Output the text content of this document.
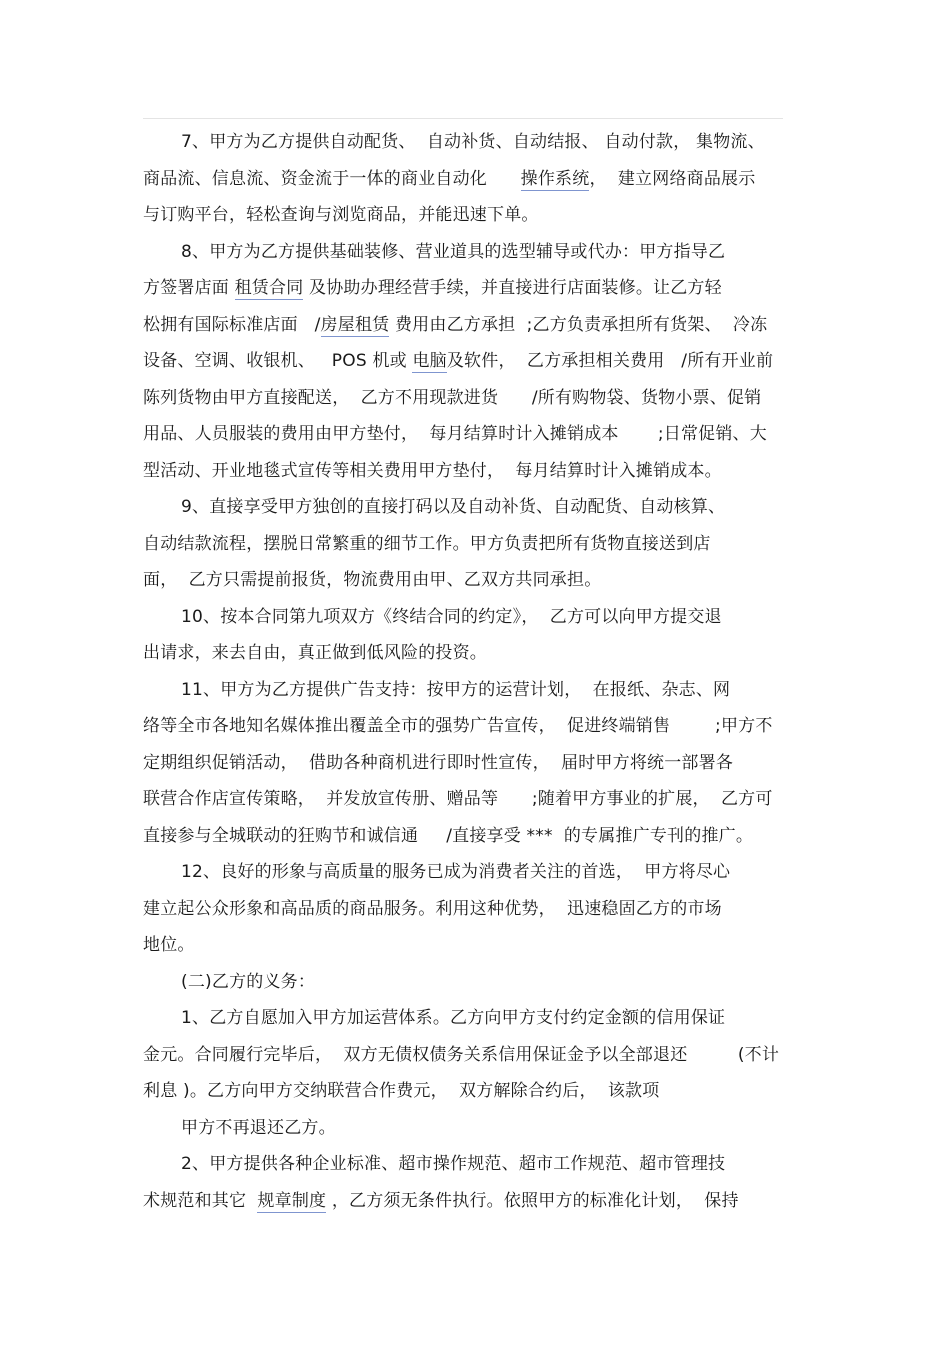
7、甲方为乙方提供自动配货、  自动补货、自动结报、 自动付款， 集物流、
商品流、信息流、资金流于一体的商业自动化      操作系统，  建立网络商品展示
与订购平台，轻松查询与浏览商品，并能迅速下单。
8、甲方为乙方提供基础装修、营业道具的选型辅导或代办：甲方指导乙
方签署店面 租赁合同 及协助办理经营手续，并直接进行店面装修。让乙方轻
松拥有国际标准店面   /房屋租赁 费用由乙方承担  ;乙方负责承担所有货架、  冷冻
设备、空调、收银机、   POS 机或 电脑及软件，  乙方承担相关费用   /所有开业前
陈列货物由甲方直接配送，  乙方不用现款进货      /所有购物袋、货物小票、促销
用品、人员服装的费用由甲方垫付，  每月结算时计入摊销成本       ;日常促销、大
型活动、开业地毯式宣传等相关费用甲方垫付，  每月结算时计入摊销成本。
9、直接享受甲方独创的直接打码以及自动补货、自动配货、自动核算、
自动结款流程，摆脱日常繁重的细节工作。甲方负责把所有货物直接送到店
面，  乙方只需提前报货，物流费用由甲、乙双方共同承担。
10、按本合同第九项双方《终结合同的约定》，  乙方可以向甲方提交退
出请求，来去自由，真正做到低风险的投资。
11、甲方为乙方提供广告支持：按甲方的运营计划，  在报纸、杂志、网
络等全市各地知名媒体推出覆盖全市的强势广告宣传，  促进终端销售        ;甲方不
定期组织促销活动，  借助各种商机进行即时性宣传，  届时甲方将统一部署各
联营合作店宣传策略，  并发放宣传册、赠品等      ;随着甲方事业的扩展，  乙方可
直接参与全城联动的狂购节和诚信通     /直接享受 ***  的专属推广专刊的推广。
12、良好的形象与高质量的服务已成为消费者关注的首选，  甲方将尽心
建立起公众形象和高品质的商品服务。利用这种优势，  迅速稳固乙方的市场
地位。
(二)乙方的义务：
1、乙方自愿加入甲方加运营体系。乙方向甲方支付约定金额的信用保证
金元。合同履行完毕后，  双方无债权债务关系信用保证金予以全部退还         (不计
利息 )。乙方向甲方交纳联营合作费元，  双方解除合约后，  该款项
甲方不再退还乙方。
2、甲方提供各种企业标准、超市操作规范、超市工作规范、超市管理技
术规范和其它  规章制度 ，乙方须无条件执行。依照甲方的标准化计划，  保持
